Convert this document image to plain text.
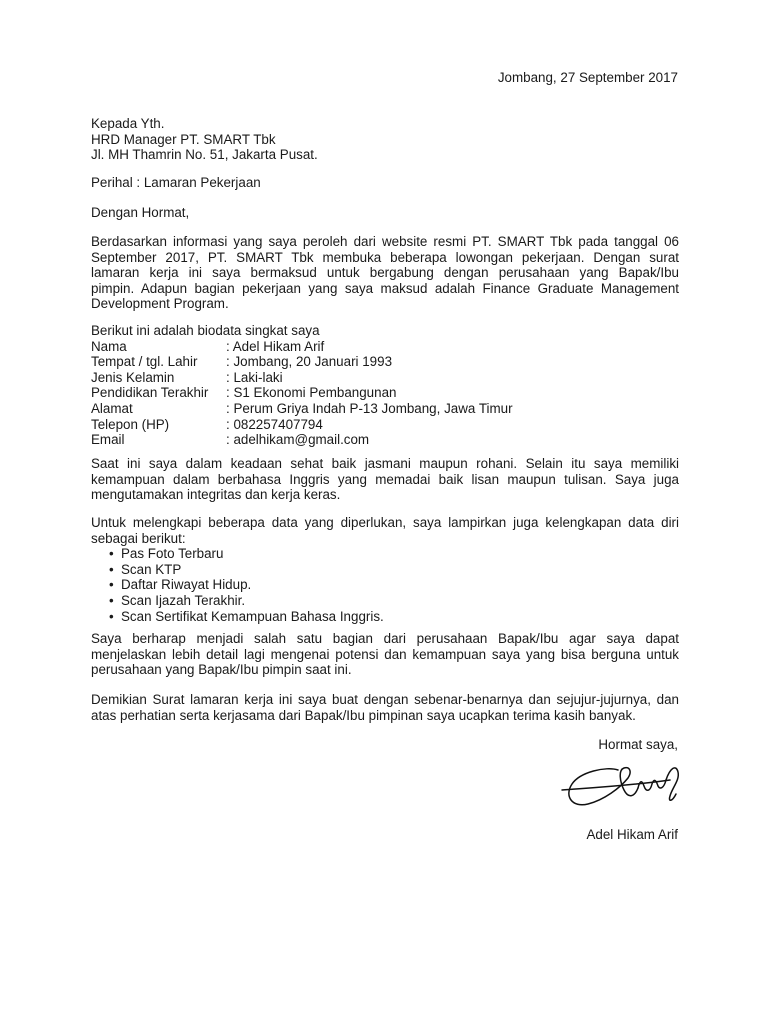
Jombang, 27 September 2017

Kepada Yth.

HRD Manager PT. SMART Tbk

Jl. MH Thamrin No. 51, Jakarta Pusat.

Perihal : Lamaran Pekerjaan

Dengan Hormat,

Berdasarkan informasi yang saya peroleh dari website resmi PT. SMART Tbk pada tanggal 06

September 2017, PT. SMART Tbk membuka beberapa lowongan pekerjaan. Dengan surat

lamaran kerja ini saya bermaksud untuk bergabung dengan perusahaan yang Bapak/Ibu

pimpin. Adapun bagian pekerjaan yang saya maksud adalah Finance Graduate Management

Development Program.

Berikut ini adalah biodata singkat saya

Nama	: Adel Hikam Arif
Tempat / tgl. Lahir	: Jombang, 20 Januari 1993
Jenis Kelamin	: Laki-laki
Pendidikan Terakhir	: S1 Ekonomi Pembangunan
Alamat	: Perum Griya Indah P-13 Jombang, Jawa Timur
Telepon (HP)	: 082257407794
Email	: adelhikam@gmail.com

Saat ini saya dalam keadaan sehat baik jasmani maupun rohani. Selain itu saya memiliki

kemampuan dalam berbahasa Inggris yang memadai baik lisan maupun tulisan. Saya juga

mengutamakan integritas dan kerja keras.

Untuk melengkapi beberapa data yang diperlukan, saya lampirkan juga kelengkapan data diri

sebagai berikut:

• Pas Foto Terbaru
• Scan KTP
• Daftar Riwayat Hidup.
• Scan Ijazah Terakhir.
• Scan Sertifikat Kemampuan Bahasa Inggris.

Saya berharap menjadi salah satu bagian dari perusahaan Bapak/Ibu agar saya dapat

menjelaskan lebih detail lagi mengenai potensi dan kemampuan saya yang bisa berguna untuk

perusahaan yang Bapak/Ibu pimpin saat ini.

Demikian Surat lamaran kerja ini saya buat dengan sebenar-benarnya dan sejujur-jujurnya, dan

atas perhatian serta kerjasama dari Bapak/Ibu pimpinan saya ucapkan terima kasih banyak.

Hormat saya,
Adel Hikam Arif
